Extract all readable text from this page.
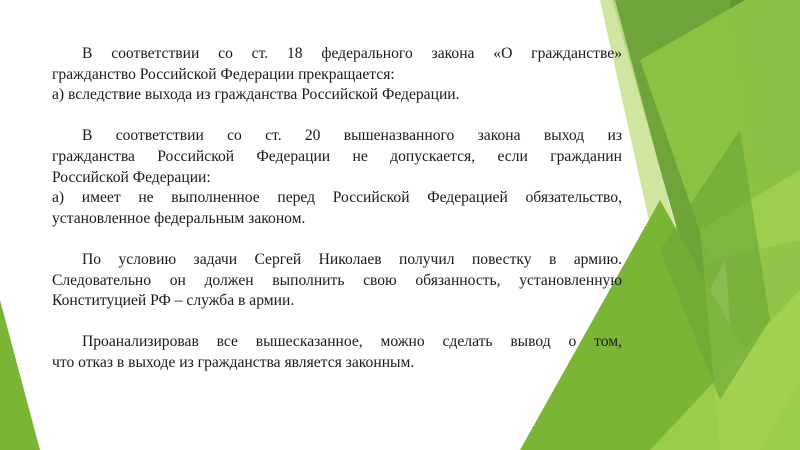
В соответствии со ст. 18 федерального закона «О гражданстве»
гражданство Российской Федерации прекращается:
а) вследствие выхода из гражданства Российской Федерации.
В соответствии со ст. 20 вышеназванного закона выход из
гражданства Российской Федерации не допускается, если гражданин
Российской Федерации:
а) имеет не выполненное перед Российской Федерацией обязательство,
установленное федеральным законом.
По условию задачи Сергей Николаев получил повестку в армию.
Следовательно он должен выполнить свою обязанность, установленную
Конституцией РФ – служба в армии.
Проанализировав все вышесказанное, можно сделать вывод о том,
что отказ в выходе из гражданства является законным.
